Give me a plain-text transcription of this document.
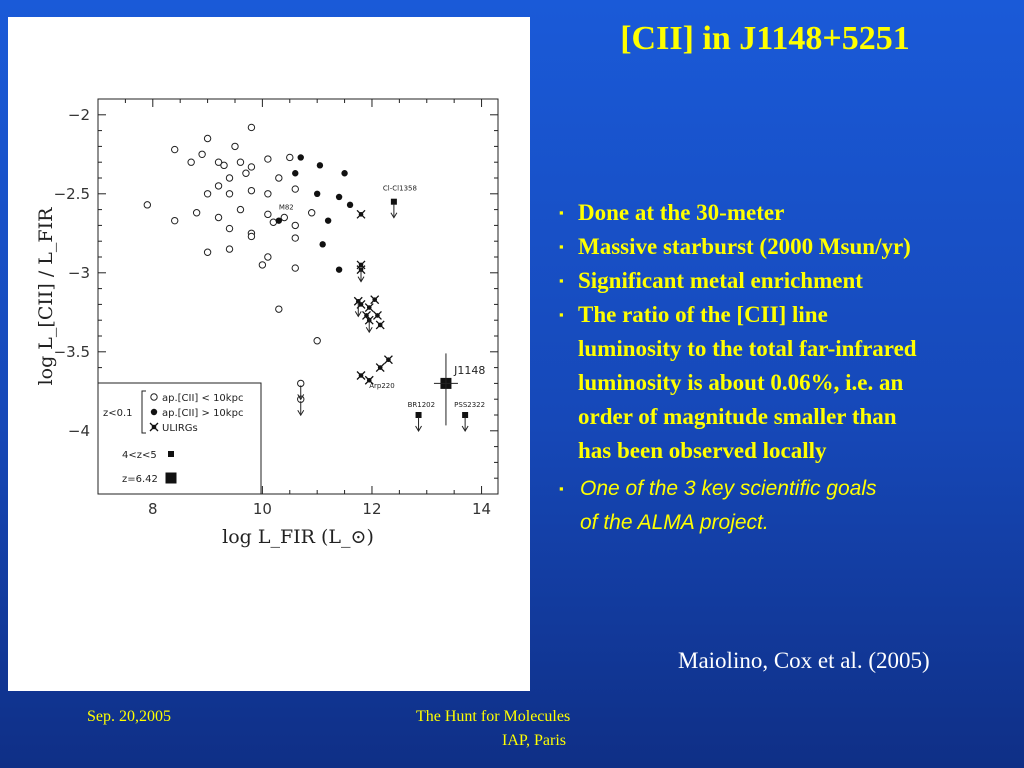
z<0.1
ap.[CII] < 10kpc
ap.[CII] > 10kpc
ULIRGs
4<z<5
z=6.42
Cl-Cl1358
M82
Arp220
J1148
BR1202	PSS2322
8	10	12	14
−2
−2.5
−3
−3.5
−4
log L_FIR (L_⊙)
log L_[CII] / L_FIR
[CII] in J1148+5251
▪ Done at the 30-meter
▪ Massive starburst (2000 Msun/yr)
▪ Significant metal enrichment
▪ The ratio of the [CII] line
luminosity to the total far-infrared
luminosity is about 0.06%, i.e. an
order of magnitude smaller than
has been observed locally
▪ One of the 3 key scientific goals
of the ALMA project.
Maiolino, Cox et al. (2005)
Sep. 20,2005	The Hunt for Molecules
IAP, Paris
